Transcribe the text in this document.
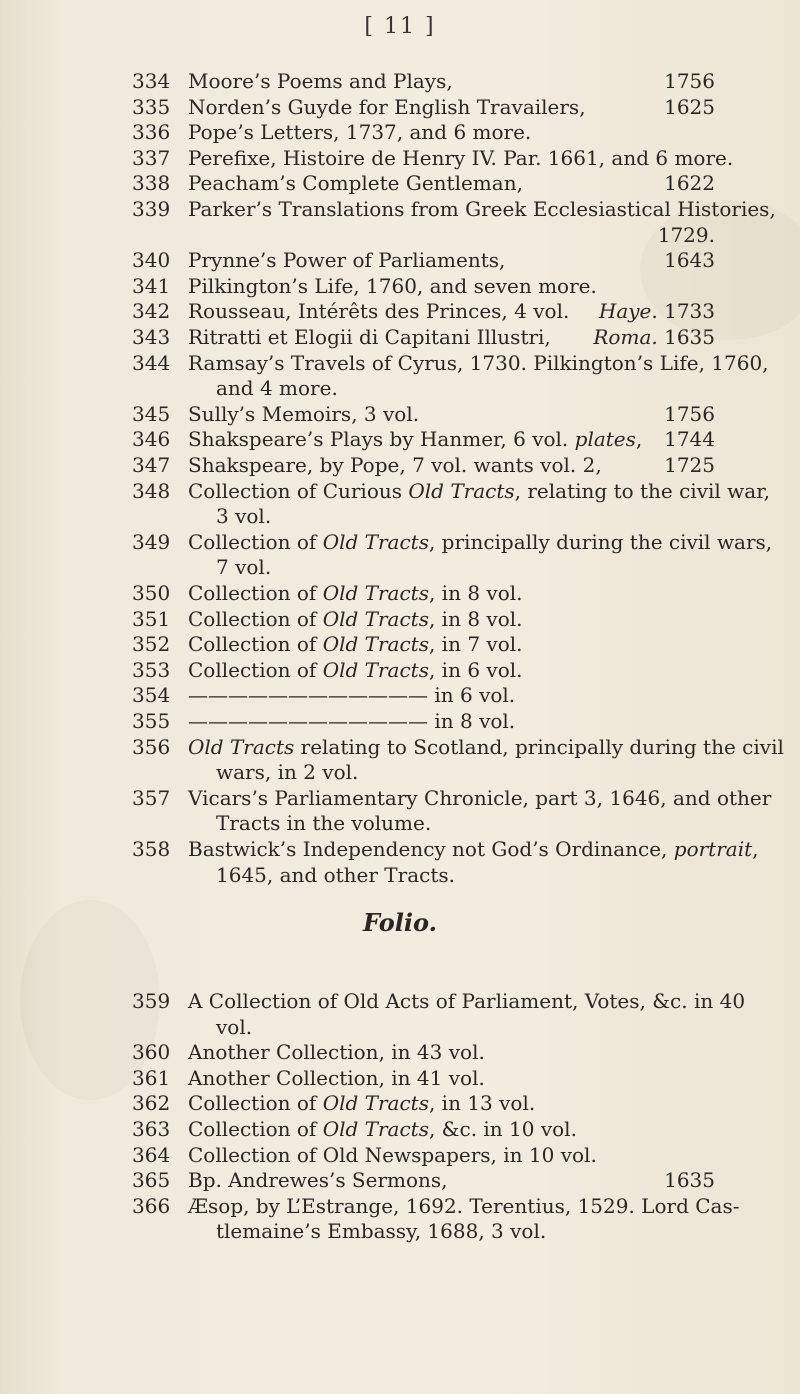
[ 11 ]
334 Moore’s Poems and Plays,	1756
335 Norden’s Guyde for English Travailers,	1625
336 Pope’s Letters, 1737, and 6 more.
337 Perefixe, Histoire de Henry IV. Par. 1661, and 6 more.
338 Peacham’s Complete Gentleman,	1622
339 Parker’s Translations from Greek Ecclesiastical Histories,
1729.
340 Prynne’s Power of Parliaments,	1643
341 Pilkington’s Life, 1760, and seven more.
342 Rousseau, Intérêts des Princes, 4 vol. Haye. 1733
343 Ritratti et Elogii di Capitani Illustri, Roma. 1635
344 Ramsay’s Travels of Cyrus, 1730. Pilkington’s Life, 1760,
and 4 more.
345 Sully’s Memoirs, 3 vol.	1756
346 Shakspeare’s Plays by Hanmer, 6 vol. plates, 1744
347 Shakspeare, by Pope, 7 vol. wants vol. 2,	1725
348 Collection of Curious Old Tracts, relating to the civil war,
3 vol.
349 Collection of Old Tracts, principally during the civil wars,
7 vol.
350 Collection of Old Tracts, in 8 vol.
351 Collection of Old Tracts, in 8 vol.
352 Collection of Old Tracts, in 7 vol.
353 Collection of Old Tracts, in 6 vol.
354 ———————————— in 6 vol.
355 ———————————— in 8 vol.
356 Old Tracts relating to Scotland, principally during the civil
wars, in 2 vol.
357 Vicars’s Parliamentary Chronicle, part 3, 1646, and other
Tracts in the volume.
358 Bastwick’s Independency not God’s Ordinance, portrait,
1645, and other Tracts.
Folio.
359 A Collection of Old Acts of Parliament, Votes, &c. in 40
vol.
360 Another Collection, in 43 vol.
361 Another Collection, in 41 vol.
362 Collection of Old Tracts, in 13 vol.
363 Collection of Old Tracts, &c. in 10 vol.
364 Collection of Old Newspapers, in 10 vol.
365 Bp. Andrewes’s Sermons,	1635
366 Æsop, by L’Estrange, 1692. Terentius, 1529. Lord Cas-
tlemaine’s Embassy, 1688, 3 vol.
